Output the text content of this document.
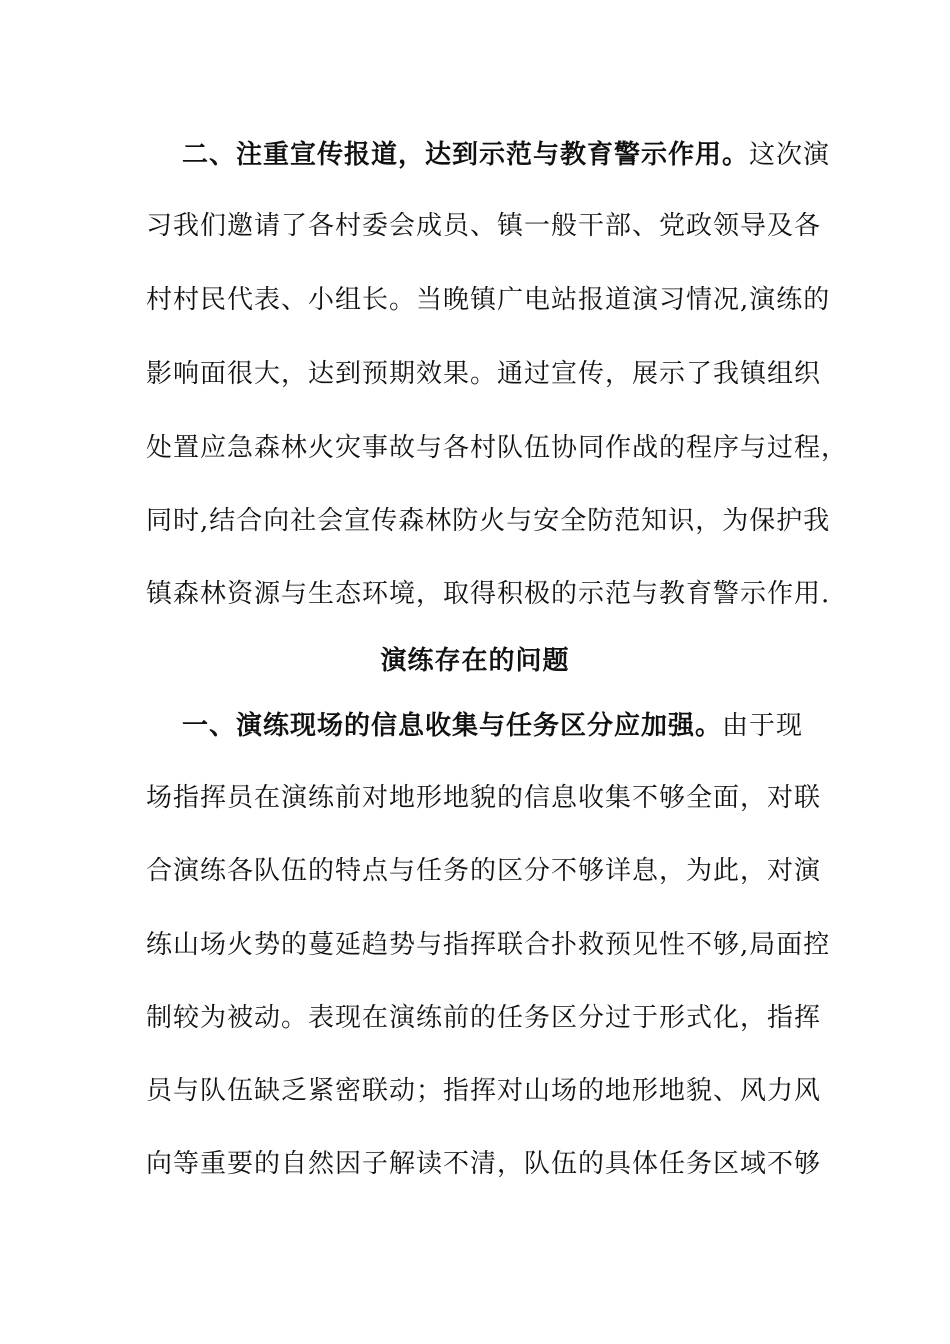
二、注重宣传报道，达到示范与教育警示作用。这次演
习我们邀请了各村委会成员、镇一般干部、党政领导及各
村村民代表、小组长。当晚镇广电站报道演习情况,演练的
影响面很大，达到预期效果。通过宣传，展示了我镇组织
处置应急森林火灾事故与各村队伍协同作战的程序与过程，
同时,结合向社会宣传森林防火与安全防范知识，为保护我
镇森林资源与生态环境，取得积极的示范与教育警示作用.
演练存在的问题
一、演练现场的信息收集与任务区分应加强。由于现
场指挥员在演练前对地形地貌的信息收集不够全面，对联
合演练各队伍的特点与任务的区分不够详息，为此，对演
练山场火势的蔓延趋势与指挥联合扑救预见性不够,局面控
制较为被动。表现在演练前的任务区分过于形式化，指挥
员与队伍缺乏紧密联动；指挥对山场的地形地貌、风力风
向等重要的自然因子解读不清，队伍的具体任务区域不够
